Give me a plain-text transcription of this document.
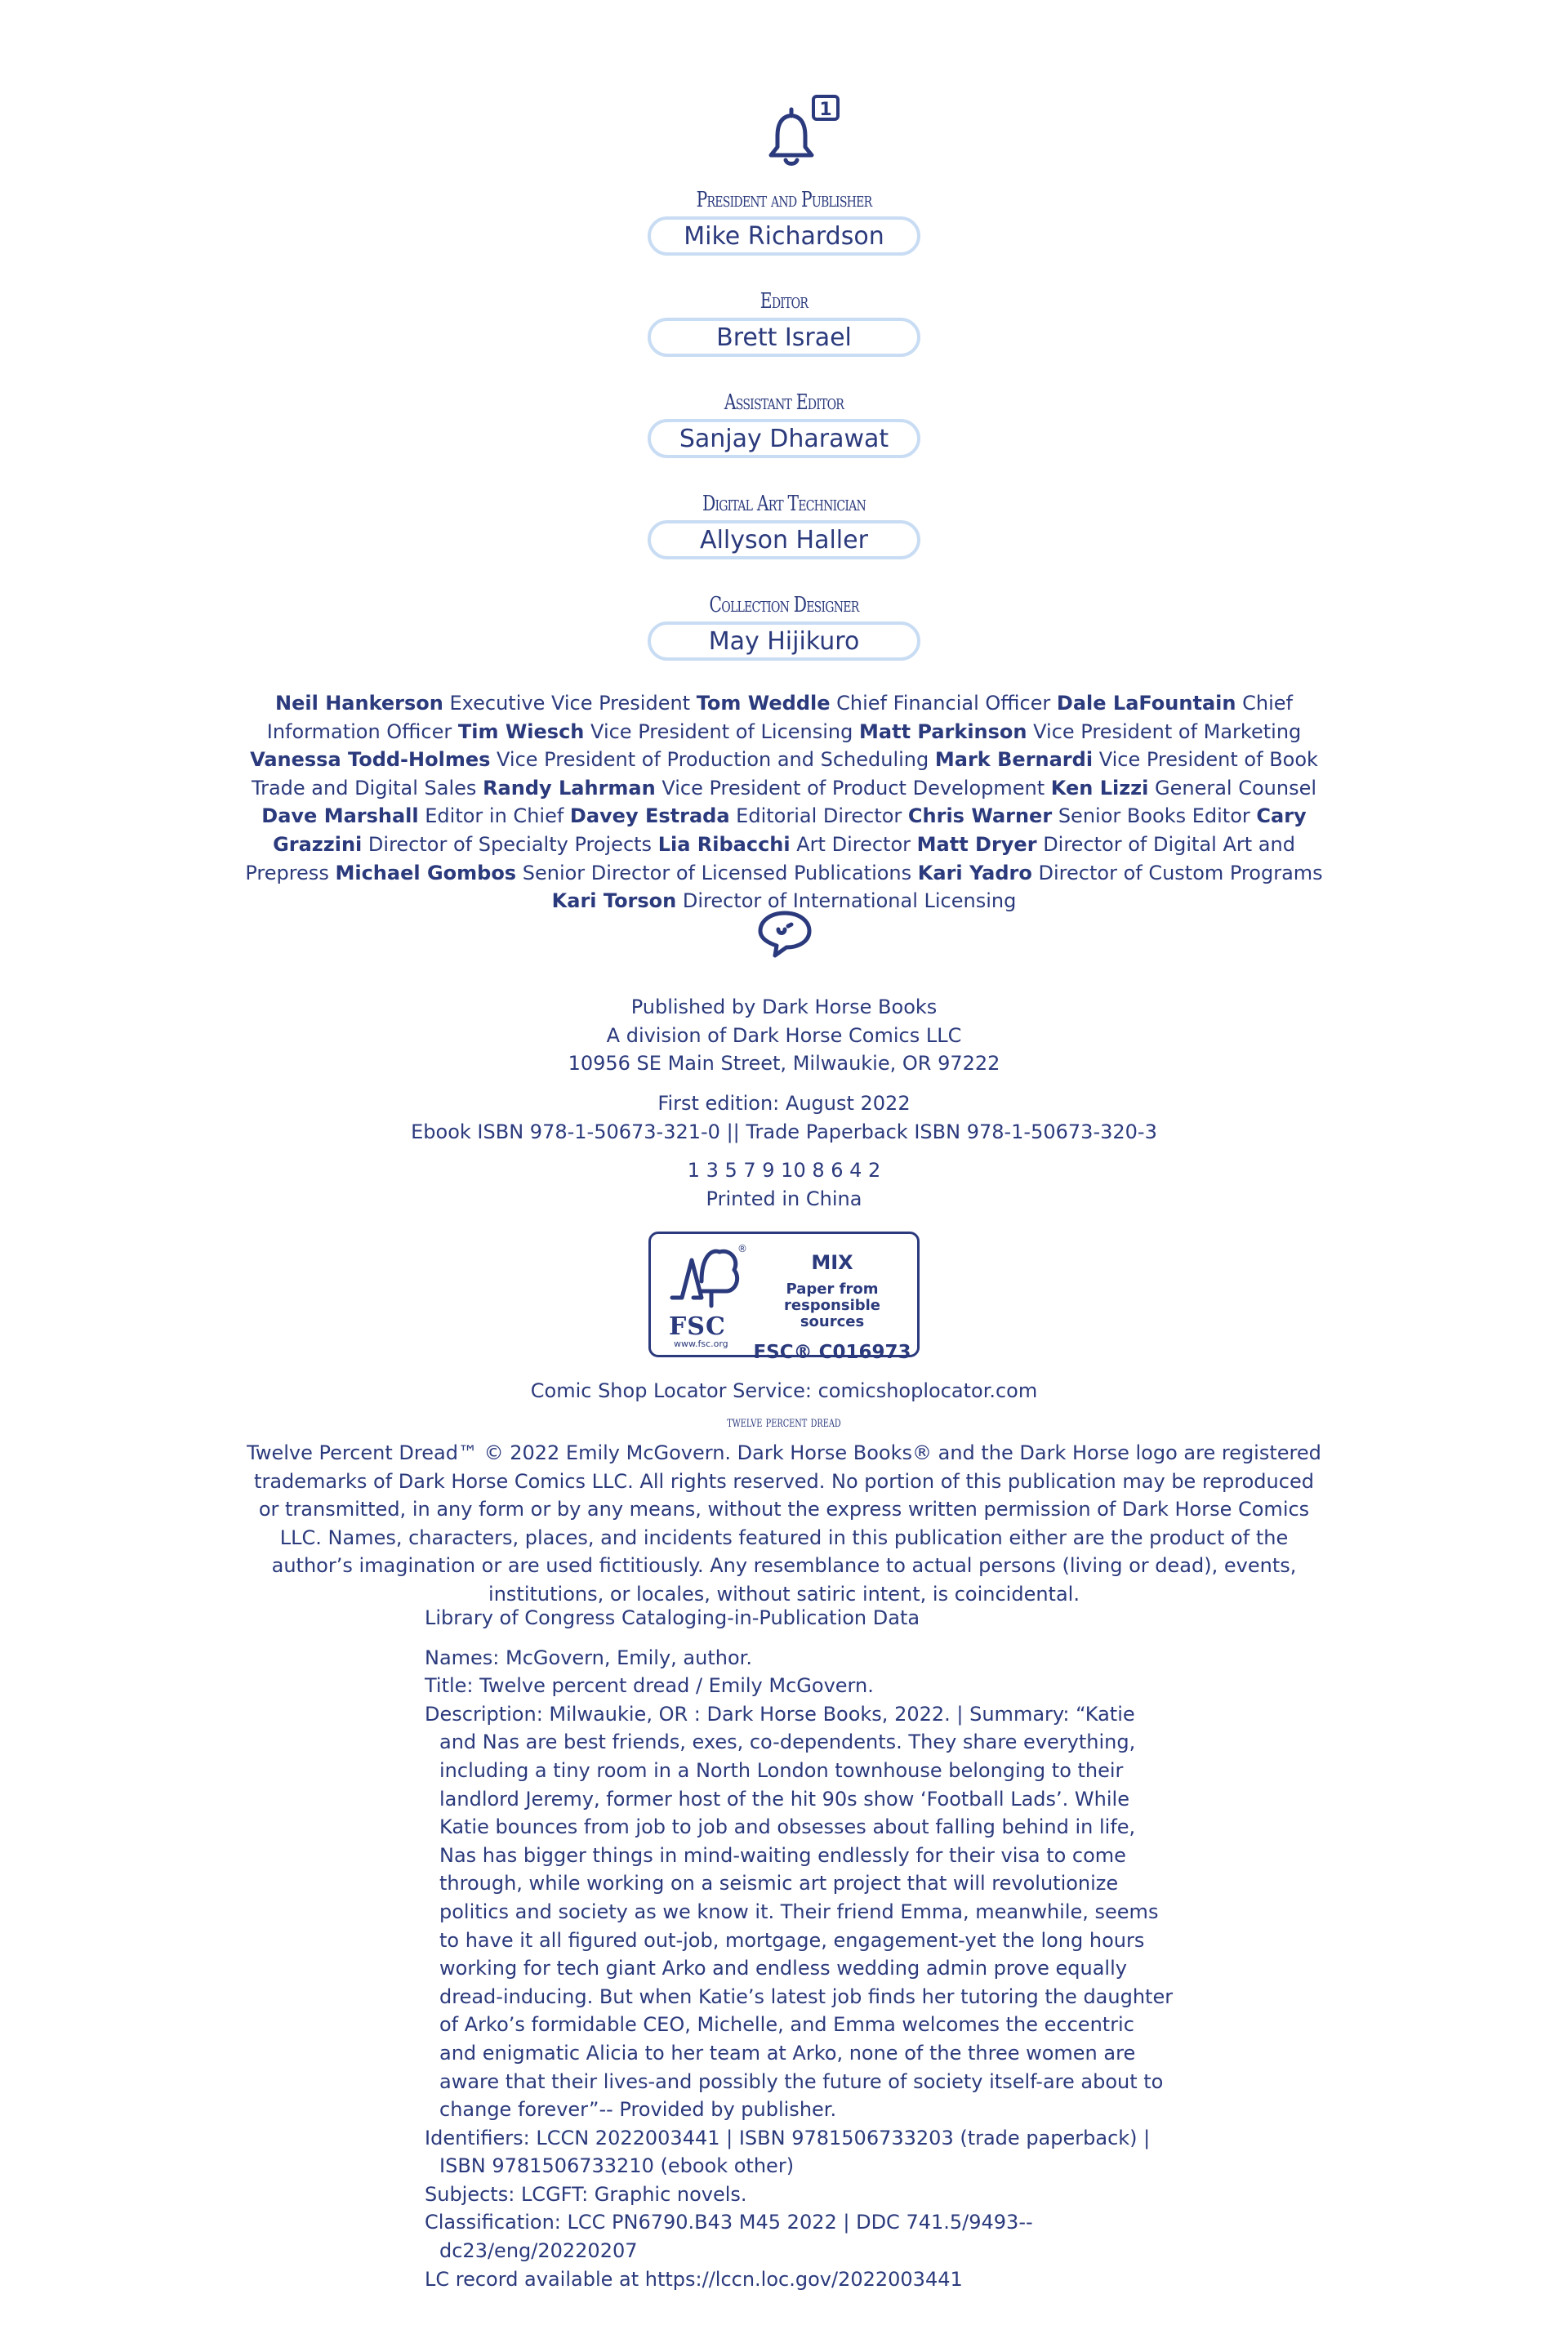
1
President and Publisher
Mike Richardson
Editor
Brett Israel
Assistant Editor
Sanjay Dharawat
Digital Art Technician
Allyson Haller
Collection Designer
May Hijikuro
Neil Hankerson Executive Vice President Tom Weddle Chief Financial Officer Dale LaFountain Chief Information Officer Tim Wiesch Vice President of Licensing Matt Parkinson Vice President of Marketing Vanessa Todd-Holmes Vice President of Production and Scheduling Mark Bernardi Vice President of Book Trade and Digital Sales Randy Lahrman Vice President of Product Development Ken Lizzi General Counsel Dave Marshall Editor in Chief Davey Estrada Editorial Director Chris Warner Senior Books Editor Cary Grazzini Director of Specialty Projects Lia Ribacchi Art Director Matt Dryer Director of Digital Art and Prepress Michael Gombos Senior Director of Licensed Publications Kari Yadro Director of Custom Programs Kari Torson Director of International Licensing
Published by Dark Horse Books
A division of Dark Horse Comics LLC
10956 SE Main Street, Milwaukie, OR 97222
First edition: August 2022
Ebook ISBN 978-1-50673-321-0 || Trade Paperback ISBN 978-1-50673-320-3
1 3 5 7 9 10 8 6 4 2
Printed in China
®
FSC
www.fsc.org
MIX
Paper from
responsible sources
FSC® C016973
Comic Shop Locator Service: comicshoplocator.com
twelve percent dread
Twelve Percent Dread™ © 2022 Emily McGovern. Dark Horse Books® and the Dark Horse logo are registered trademarks of Dark Horse Comics LLC. All rights reserved. No portion of this publication may be reproduced or transmitted, in any form or by any means, without the express written permission of Dark Horse Comics LLC. Names, characters, places, and incidents featured in this publication either are the product of the author’s imagination or are used fictitiously. Any resemblance to actual persons (living or dead), events, institutions, or locales, without satiric intent, is coincidental.
Library of Congress Cataloging-in-Publication Data
Names: McGovern, Emily, author.
Title: Twelve percent dread / Emily McGovern.
Description: Milwaukie, OR : Dark Horse Books, 2022. | Summary: “Katie and Nas are best friends, exes, co-dependents. They share everything, including a tiny room in a North London townhouse belonging to their landlord Jeremy, former host of the hit 90s show ‘Football Lads’. While Katie bounces from job to job and obsesses about falling behind in life, Nas has bigger things in mind-waiting endlessly for their visa to come through, while working on a seismic art project that will revolutionize politics and society as we know it. Their friend Emma, meanwhile, seems to have it all figured out-job, mortgage, engagement-yet the long hours working for tech giant Arko and endless wedding admin prove equally dread-inducing. But when Katie’s latest job finds her tutoring the daughter of Arko’s formidable CEO, Michelle, and Emma welcomes the eccentric and enigmatic Alicia to her team at Arko, none of the three women are aware that their lives-and possibly the future of society itself-are about to change forever”-- Provided by publisher.
Identifiers: LCCN 2022003441 | ISBN 9781506733203 (trade paperback) | ISBN 9781506733210 (ebook other)
Subjects: LCGFT: Graphic novels.
Classification: LCC PN6790.B43 M45 2022 | DDC 741.5/9493--dc23/eng/20220207
LC record available at https://lccn.loc.gov/2022003441
